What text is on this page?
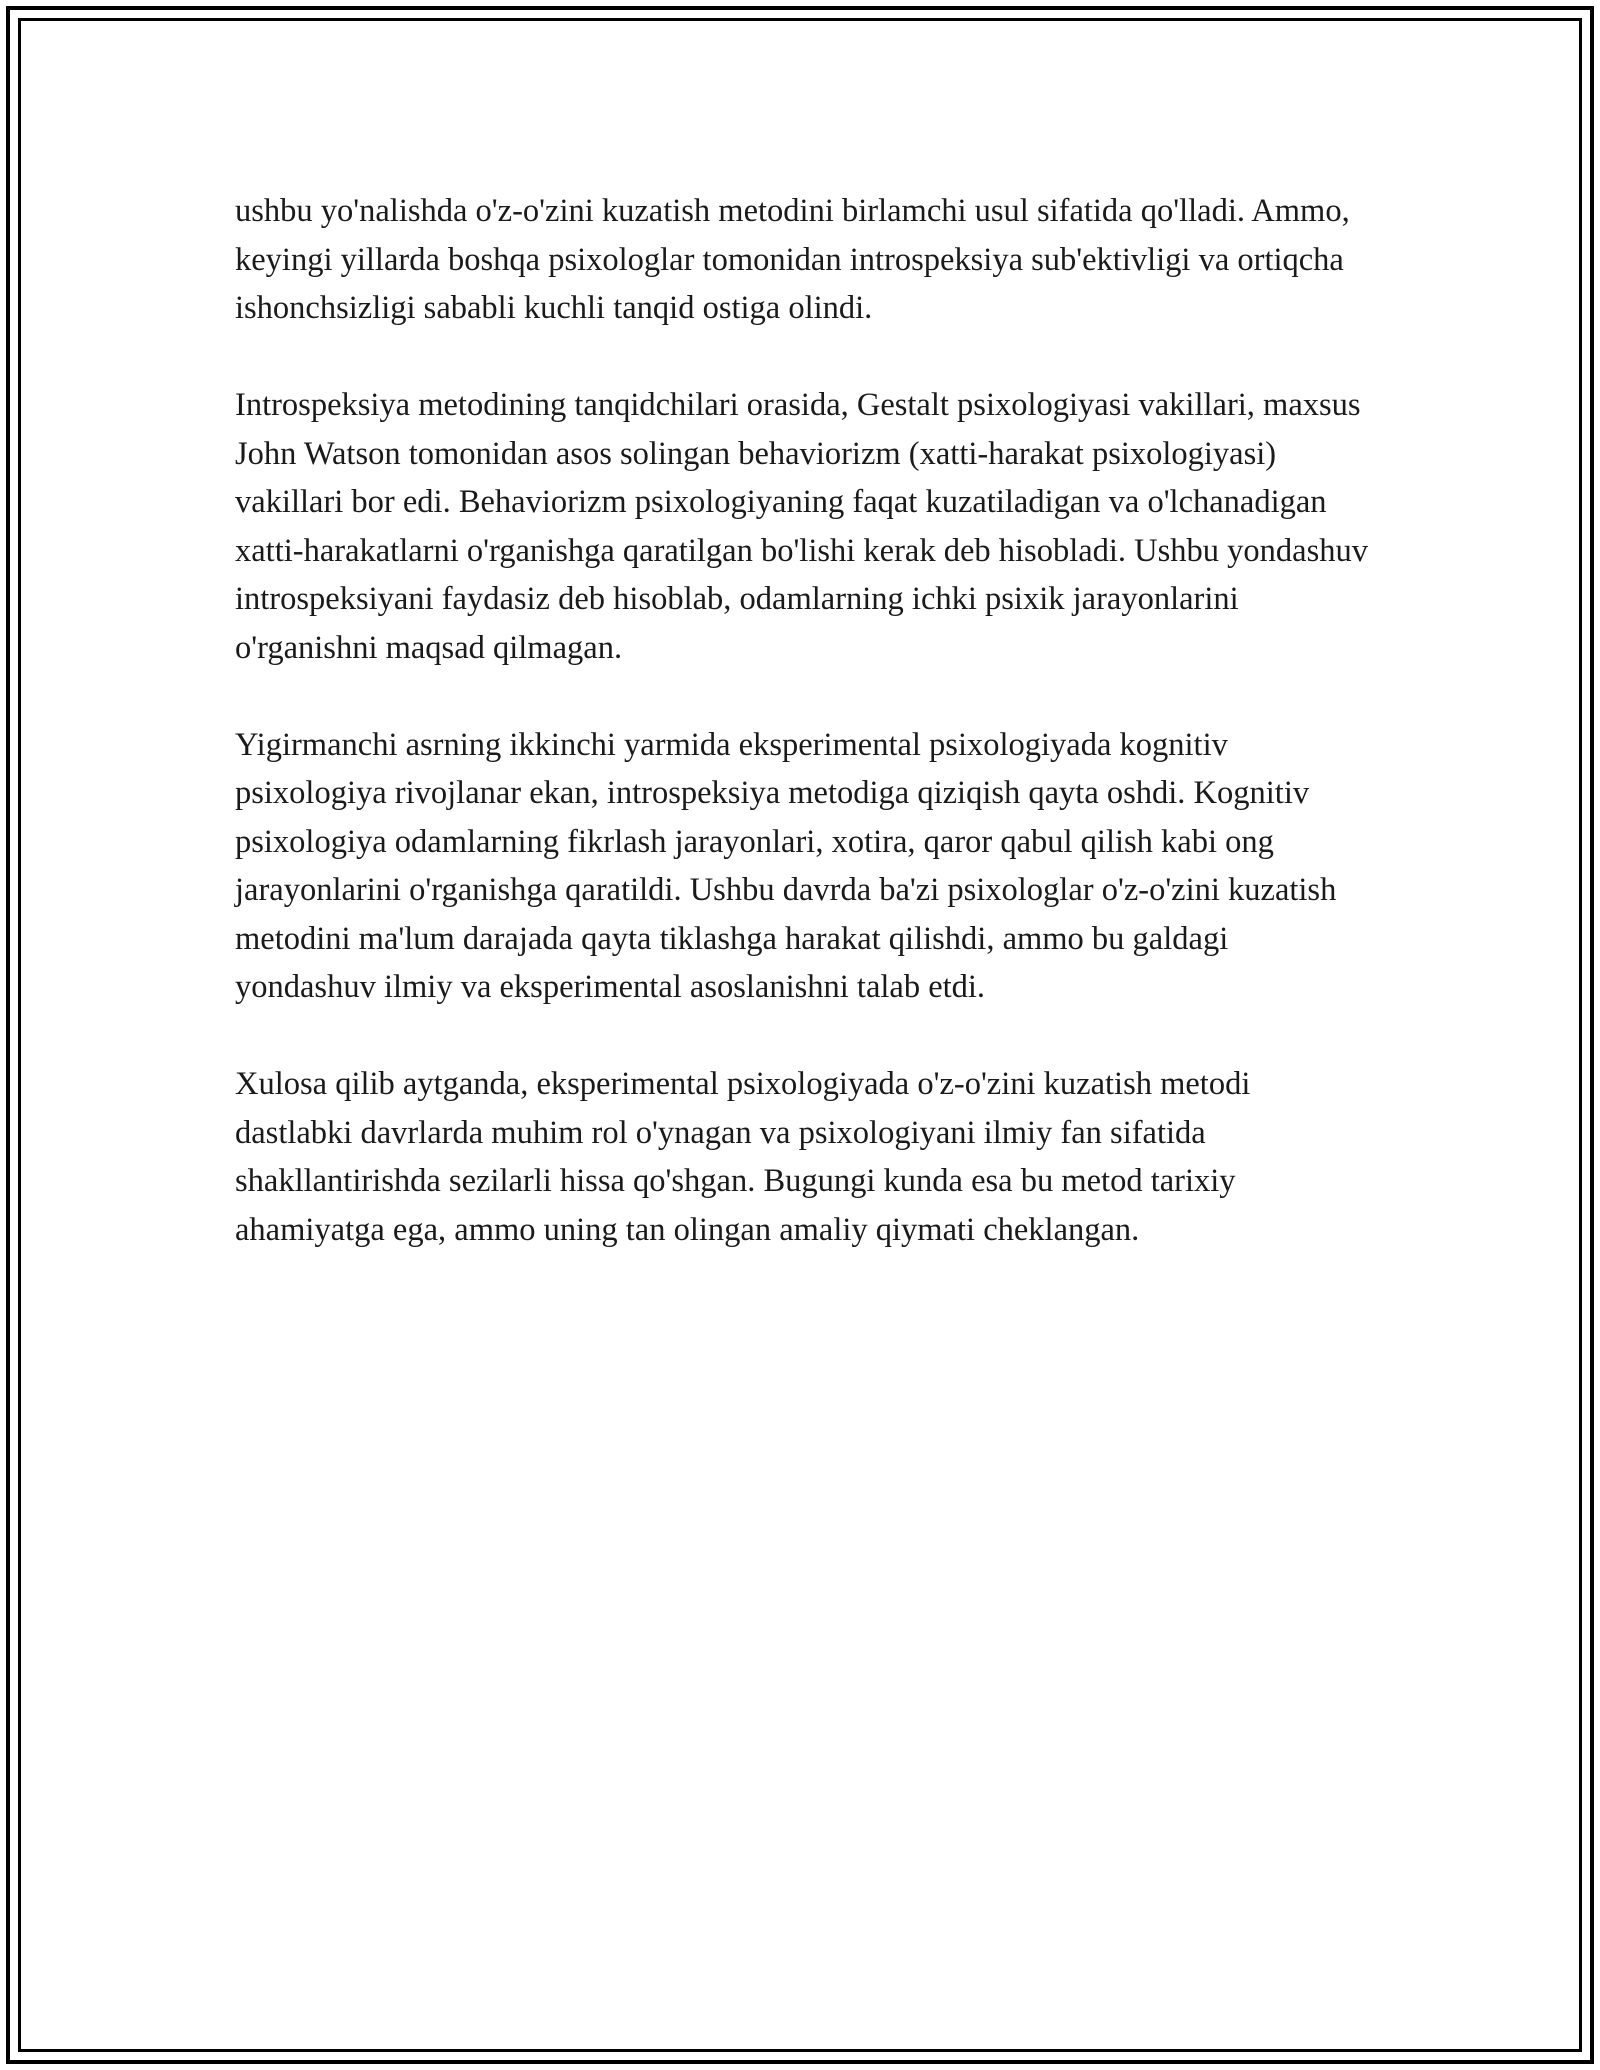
ushbu yo'nalishda o'z-o'zini kuzatish metodini birlamchi usul sifatida qo'lladi. Ammo, keyingi yillarda boshqa psixologlar tomonidan introspeksiya sub'ektivligi va ortiqcha ishonchsizligi sababli kuchli tanqid ostiga olindi.

Introspeksiya metodining tanqidchilari orasida, Gestalt psixologiyasi vakillari, maxsus John Watson tomonidan asos solingan behaviorizm (xatti-harakat psixologiyasi) vakillari bor edi. Behaviorizm psixologiyaning faqat kuzatiladigan va o'lchanadigan xatti-harakatlarni o'rganishga qaratilgan bo'lishi kerak deb hisobladi. Ushbu yondashuv introspeksiyani faydasiz deb hisoblab, odamlarning ichki psixik jarayonlarini o'rganishni maqsad qilmagan.

Yigirmanchi asrning ikkinchi yarmida eksperimental psixologiyada kognitiv psixologiya rivojlanar ekan, introspeksiya metodiga qiziqish qayta oshdi. Kognitiv psixologiya odamlarning fikrlash jarayonlari, xotira, qaror qabul qilish kabi ong jarayonlarini o'rganishga qaratildi. Ushbu davrda ba'zi psixologlar o'z-o'zini kuzatish metodini ma'lum darajada qayta tiklashga harakat qilishdi, ammo bu galdagi yondashuv ilmiy va eksperimental asoslanishni talab etdi.

Xulosa qilib aytganda, eksperimental psixologiyada o'z-o'zini kuzatish metodi dastlabki davrlarda muhim rol o'ynagan va psixologiyani ilmiy fan sifatida shakllantirishda sezilarli hissa qo'shgan. Bugungi kunda esa bu metod tarixiy ahamiyatga ega, ammo uning tan olingan amaliy qiymati cheklangan.
